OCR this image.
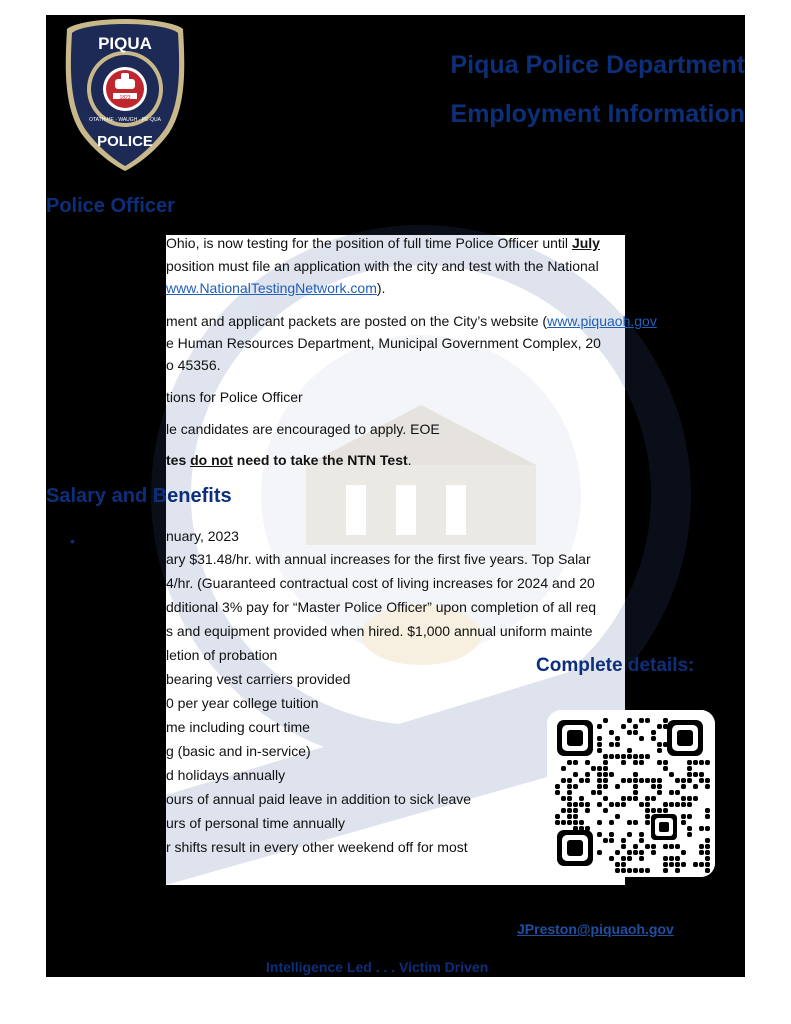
1823
PIQUA
POLICE
OTATH-HE · WAUGH · PE-QUA
Piqua Police Department
Employment Information
Police Officer
Ohio, is now testing for the position of full time Police Officer until July
position must file an application with the city and test with the National
www.NationalTestingNetwork.com).
ment and applicant packets are posted on the City’s website (www.piquaoh.gov
e Human Resources Department, Municipal Government Complex, 20
o 45356.
tions for Police Officer
le candidates are encouraged to apply. EOE
tes do not need to take the NTN Test.
nuary, 2023
ary $31.48/hr. with annual increases for the first five years. Top Salar
4/hr. (Guaranteed contractual cost of living increases for 2024 and 20
dditional 3% pay for “Master Police Officer” upon completion of all req
s and equipment provided when hired. $1,000 annual uniform mainte
letion of probation
bearing vest carriers provided
0 per year college tuition
me including court time
g (basic and in-service)
d holidays annually
ours of annual paid leave in addition to sick leave
urs of personal time annually
r shifts result in every other weekend off for most
Salary and Benefits
•
Complete details:
JPreston@piquaoh.gov
Intelligence Led . . . Victim Driven
